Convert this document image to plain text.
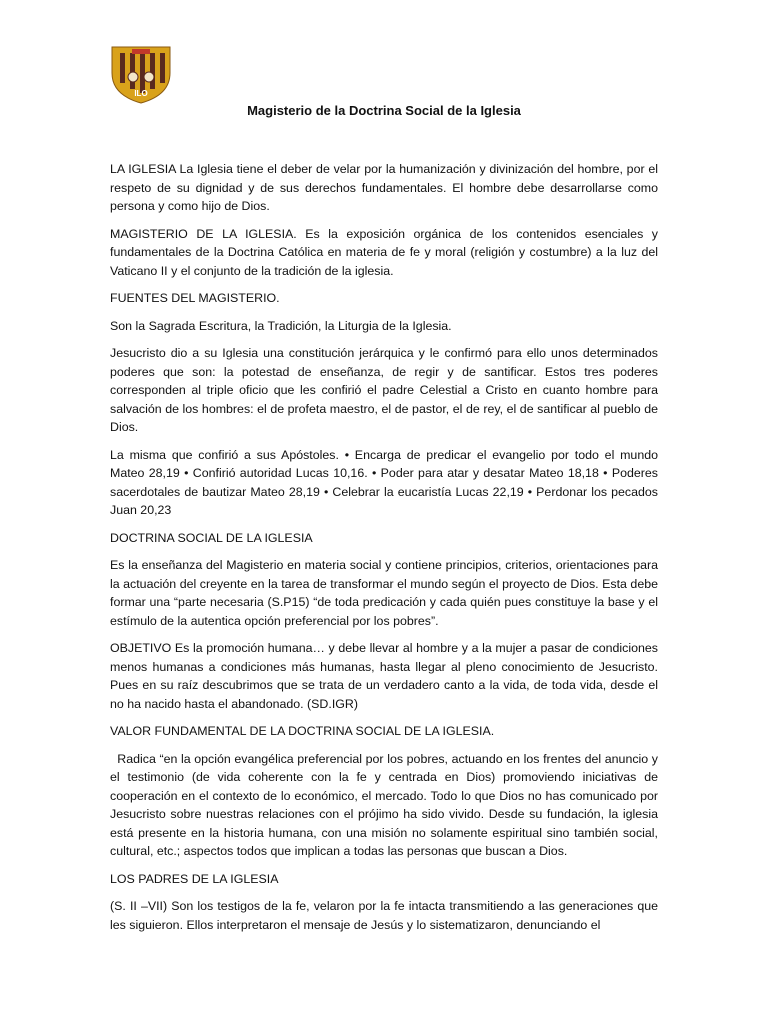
ILO
Magisterio de la Doctrina Social de la Iglesia

LA IGLESIA La Iglesia tiene el deber de velar por la humanización y divinización del hombre, por el respeto de su dignidad y de sus derechos fundamentales. El hombre debe desarrollarse como persona y como hijo de Dios.

MAGISTERIO DE LA IGLESIA. Es la exposición orgánica de los contenidos esenciales y fundamentales de la Doctrina Católica en materia de fe y moral (religión y costumbre) a la luz del Vaticano II y el conjunto de la tradición de la iglesia.

FUENTES DEL MAGISTERIO.

Son la Sagrada Escritura, la Tradición, la Liturgia de la Iglesia.

Jesucristo dio a su Iglesia una constitución jerárquica y le confirmó para ello unos determinados poderes que son: la potestad de enseñanza, de regir y de santificar. Estos tres poderes corresponden al triple oficio que les confirió el padre Celestial a Cristo en cuanto hombre para salvación de los hombres: el de profeta maestro, el de pastor, el de rey, el de santificar al pueblo de Dios.

La misma que confirió a sus Apóstoles. • Encarga de predicar el evangelio por todo el mundo Mateo 28,19 • Confirió autoridad Lucas 10,16. • Poder para atar y desatar Mateo 18,18 • Poderes sacerdotales de bautizar Mateo 28,19 • Celebrar la eucaristía Lucas 22,19 • Perdonar los pecados Juan 20,23

DOCTRINA SOCIAL DE LA IGLESIA

Es la enseñanza del Magisterio en materia social y contiene principios, criterios, orientaciones para la actuación del creyente en la tarea de transformar el mundo según el proyecto de Dios. Esta debe formar una “parte necesaria (S.P15) “de toda predicación y cada quién pues constituye la base y el estímulo de la autentica opción preferencial por los pobres”.

OBJETIVO Es la promoción humana… y debe llevar al hombre y a la mujer a pasar de condiciones menos humanas a condiciones más humanas, hasta llegar al pleno conocimiento de Jesucristo. Pues en su raíz descubrimos que se trata de un verdadero canto a la vida, de toda vida, desde el no ha nacido hasta el abandonado. (SD.IGR)

VALOR FUNDAMENTAL DE LA DOCTRINA SOCIAL DE LA IGLESIA.

Radica “en la opción evangélica preferencial por los pobres, actuando en los frentes del anuncio y el testimonio (de vida coherente con la fe y centrada en Dios) promoviendo iniciativas de cooperación en el contexto de lo económico, el mercado. Todo lo que Dios no has comunicado por Jesucristo sobre nuestras relaciones con el prójimo ha sido vivido. Desde su fundación, la iglesia está presente en la historia humana, con una misión no solamente espiritual sino también social, cultural, etc.; aspectos todos que implican a todas las personas que buscan a Dios.

LOS PADRES DE LA IGLESIA

(S. II –VII) Son los testigos de la fe, velaron por la fe intacta transmitiendo a las generaciones que les siguieron. Ellos interpretaron el mensaje de Jesús y lo sistematizaron, denunciando el
